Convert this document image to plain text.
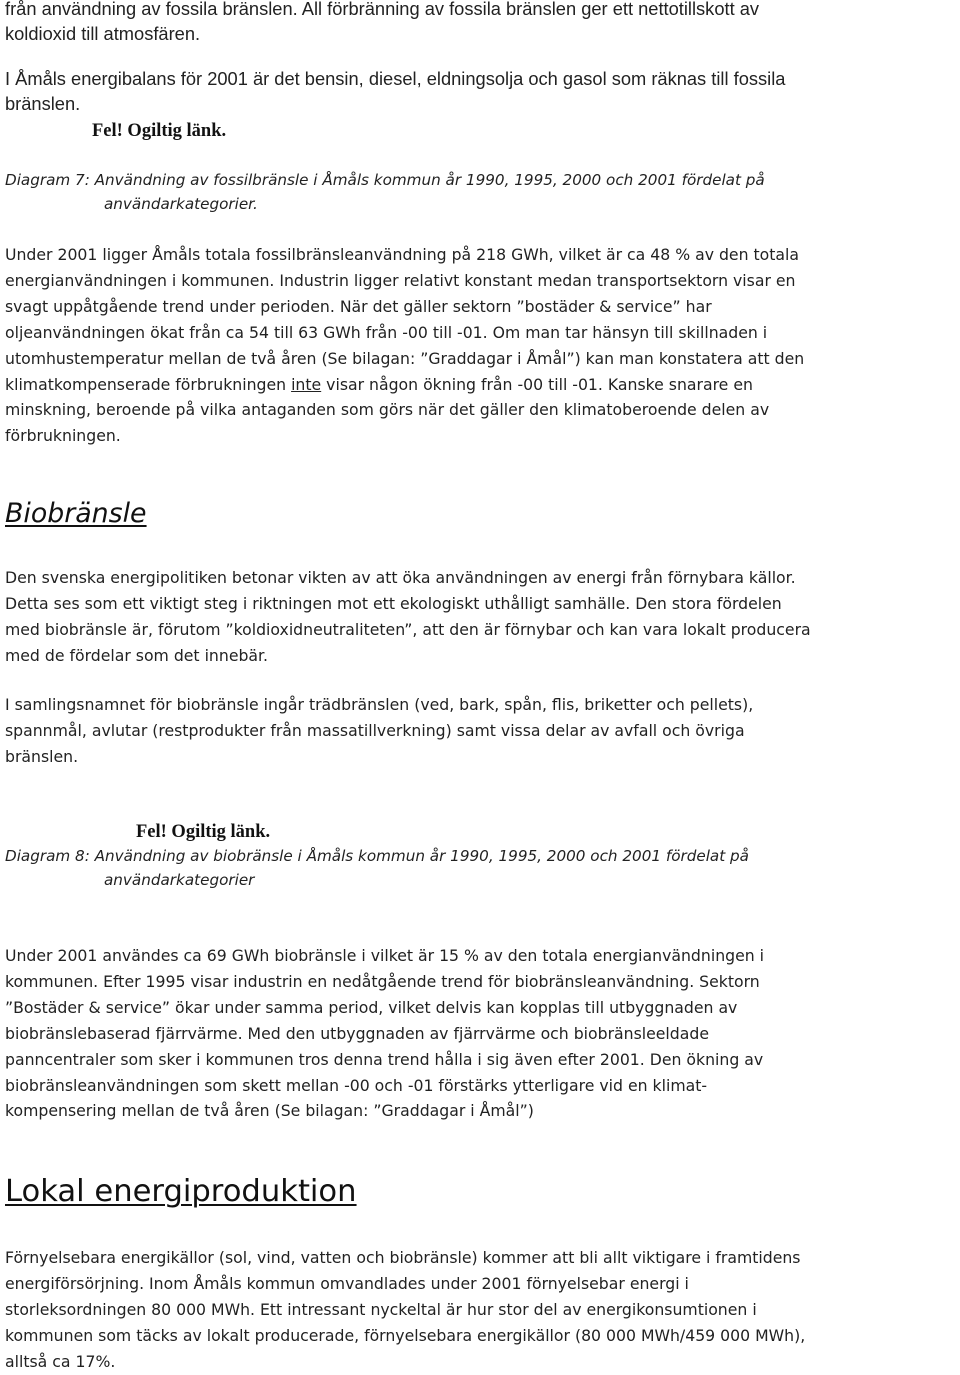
från användning av fossila bränslen. All förbränning av fossila bränslen ger ett nettotillskott av
koldioxid till atmosfären.
I Åmåls energibalans för 2001 är det bensin, diesel, eldningsolja och gasol som räknas till fossila
bränslen.
Fel! Ogiltig länk.
Diagram 7: Användning av fossilbränsle i Åmåls kommun år 1990, 1995, 2000 och 2001 fördelat på
användarkategorier.
Under 2001 ligger Åmåls totala fossilbränsleanvändning på 218 GWh, vilket är ca 48 % av den totala
energianvändningen i kommunen. Industrin ligger relativt konstant medan transportsektorn visar en
svagt uppåtgående trend under perioden. När det gäller sektorn ”bostäder & service” har
oljeanvändningen ökat från ca 54 till 63 GWh från -00 till -01. Om man tar hänsyn till skillnaden i
utomhustemperatur mellan de två åren (Se bilagan: ”Graddagar i Åmål”) kan man konstatera att den
klimatkompenserade förbrukningen inte visar någon ökning från -00 till -01. Kanske snarare en
minskning, beroende på vilka antaganden som görs när det gäller den klimatoberoende delen av
förbrukningen.
Biobränsle
Den svenska energipolitiken betonar vikten av att öka användningen av energi från förnybara källor.
Detta ses som ett viktigt steg i riktningen mot ett ekologiskt uthålligt samhälle. Den stora fördelen
med biobränsle är, förutom ”koldioxidneutraliteten”, att den är förnybar och kan vara lokalt producera
med de fördelar som det innebär.
I samlingsnamnet för biobränsle ingår trädbränslen (ved, bark, spån, flis, briketter och pellets),
spannmål, avlutar (restprodukter från massatillverkning) samt vissa delar av avfall och övriga
bränslen.
Fel! Ogiltig länk.
Diagram 8: Användning av biobränsle i Åmåls kommun år 1990, 1995, 2000 och 2001 fördelat på
användarkategorier
Under 2001 användes ca 69 GWh biobränsle i vilket är 15 % av den totala energianvändningen i
kommunen. Efter 1995 visar industrin en nedåtgående trend för biobränsleanvändning. Sektorn
”Bostäder & service” ökar under samma period, vilket delvis kan kopplas till utbyggnaden av
biobränslebaserad fjärrvärme. Med den utbyggnaden av fjärrvärme och biobränsleeldade
panncentraler som sker i kommunen tros denna trend hålla i sig även efter 2001. Den ökning av
biobränsleanvändningen som skett mellan -00 och -01 förstärks ytterligare vid en klimat-
kompensering mellan de två åren (Se bilagan: ”Graddagar i Åmål”)
Lokal energiproduktion
Förnyelsebara energikällor (sol, vind, vatten och biobränsle) kommer att bli allt viktigare i framtidens
energiförsörjning. Inom Åmåls kommun omvandlades under 2001 förnyelsebar energi i
storleksordningen 80 000 MWh. Ett intressant nyckeltal är hur stor del av energikonsumtionen i
kommunen som täcks av lokalt producerade, förnyelsebara energikällor (80 000 MWh/459 000 MWh),
alltså ca 17%.
